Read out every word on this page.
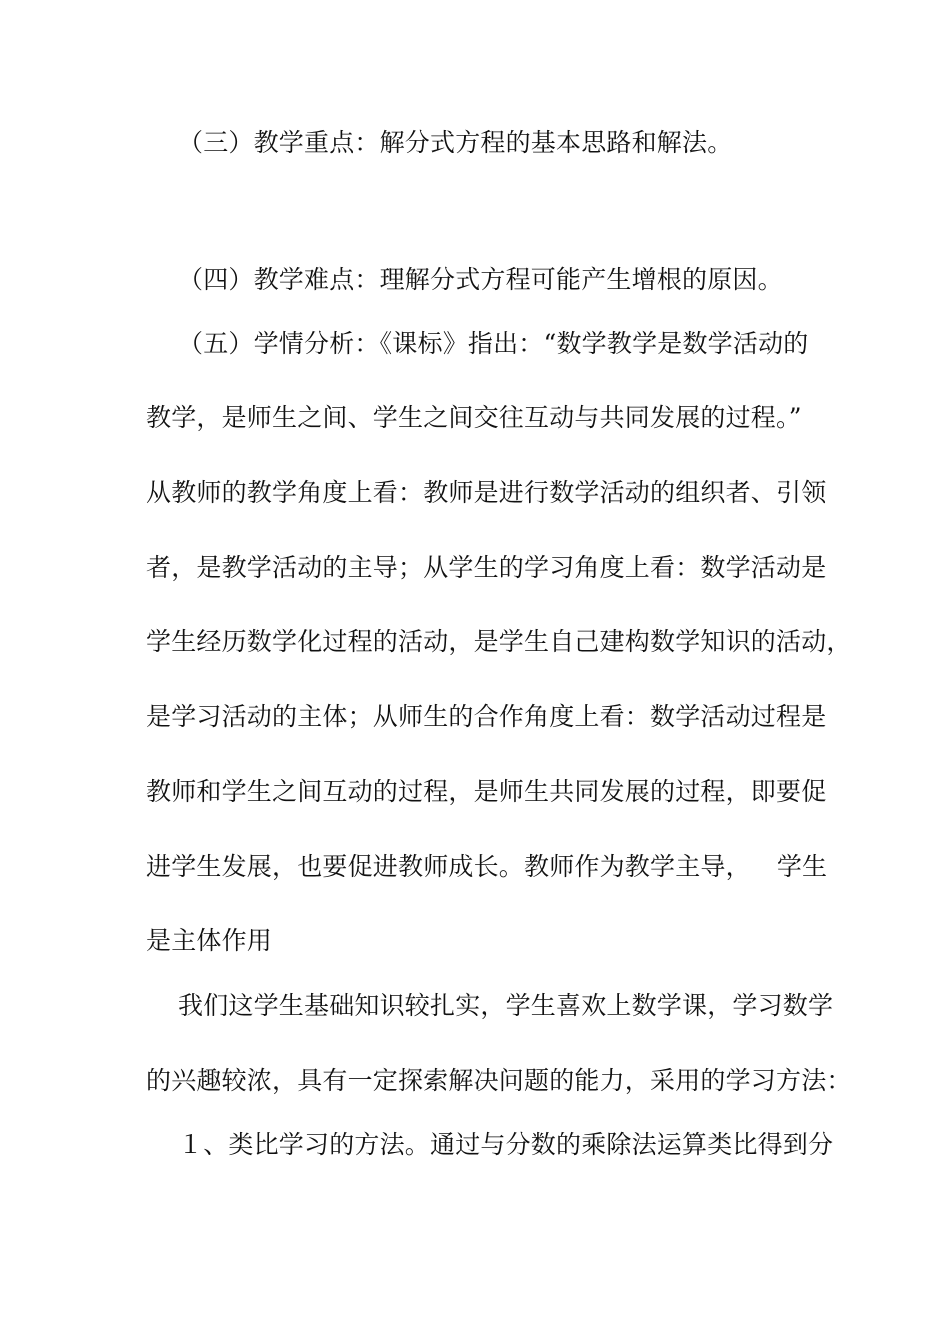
（三）教学重点：解分式方程的基本思路和解法。
（四）教学难点：理解分式方程可能产生增根的原因。
（五）学情分析：《课标》指出：“数学教学是数学活动的
教学，是师生之间、学生之间交往互动与共同发展的过程。”
从教师的教学角度上看：教师是进行数学活动的组织者、引领
者，是教学活动的主导；从学生的学习角度上看：数学活动是
学生经历数学化过程的活动，是学生自己建构数学知识的活动，
是学习活动的主体；从师生的合作角度上看：数学活动过程是
教师和学生之间互动的过程，是师生共同发展的过程，即要促
进学生发展，也要促进教师成长。教师作为教学主导， 学生
是主体作用
我们这学生基础知识较扎实，学生喜欢上数学课，学习数学
的兴趣较浓，具有一定探索解决问题的能力，采用的学习方法：
１、类比学习的方法。通过与分数的乘除法运算类比得到分
